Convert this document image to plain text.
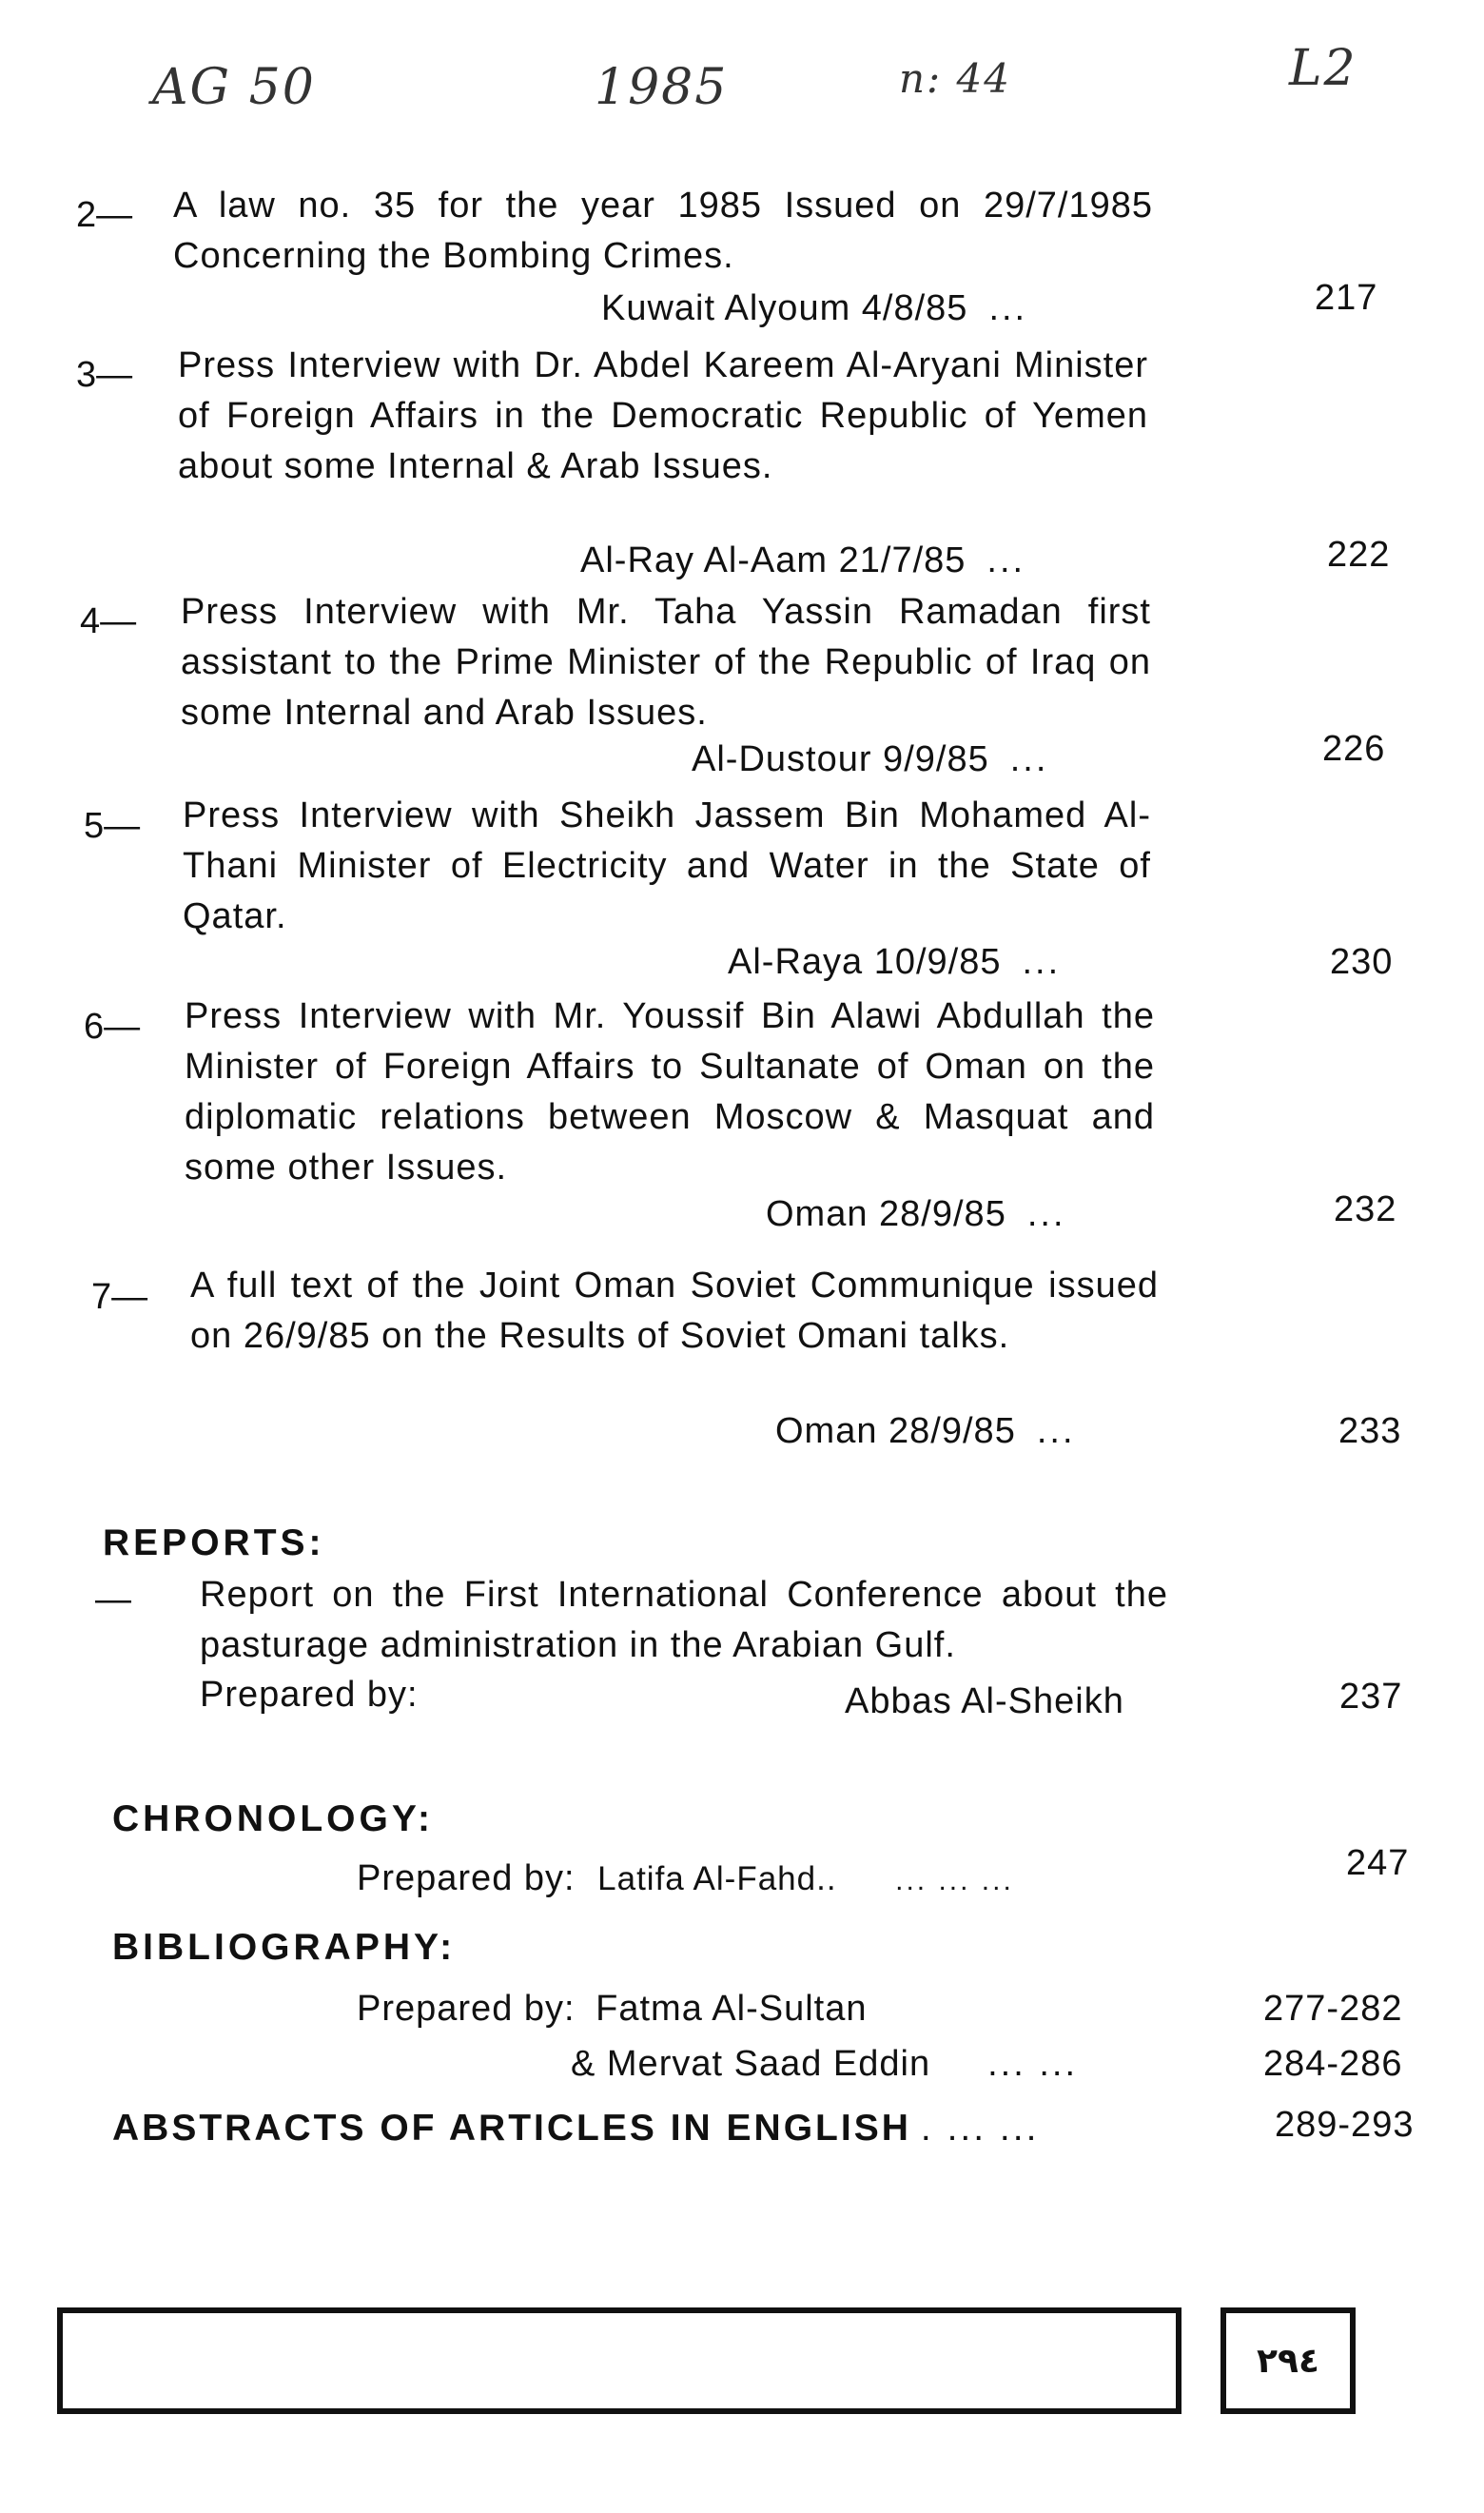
AG 50	1985	n: 44	L2
2— A law no. 35 for the year 1985 Issued on 29/7/1985 Concerning the Bombing Crimes.
Kuwait Alyoum 4/8/85 ...	217
3— Press Interview with Dr. Abdel Kareem Al-Aryani Minister of Foreign Affairs in the Democratic Republic of Yemen about some Internal & Arab Issues.
Al-Ray Al-Aam 21/7/85 ...	222
4— Press Interview with Mr. Taha Yassin Ramadan first assistant to the Prime Minister of the Republic of Iraq on some Internal and Arab Issues.
Al-Dustour 9/9/85 ...	226
5— Press Interview with Sheikh Jassem Bin Mohamed Al-Thani Minister of Electricity and Water in the State of Qatar.
Al-Raya 10/9/85 ...	230
6— Press Interview with Mr. Youssif Bin Alawi Abdullah the Minister of Foreign Affairs to Sultanate of Oman on the diplomatic relations between Moscow & Masquat and some other Issues.
Oman 28/9/85 ...	232
7— A full text of the Joint Oman Soviet Communique issued on 26/9/85 on the Results of Soviet Omani talks.
Oman 28/9/85 ...	233
REPORTS:
— Report on the First International Conference about the pasturage administration in the Arabian Gulf.
Prepared by:	Abbas Al-Sheikh	237
CHRONOLOGY:
Prepared by: Latifa Al-Fahd.. ... ... ...	247
BIBLIOGRAPHY:
Prepared by: Fatma Al-Sultan	277-282
& Mervat Saad Eddin ... ...	284-286
ABSTRACTS OF ARTICLES IN ENGLISH . ... ...	289-293
٢٩٤
